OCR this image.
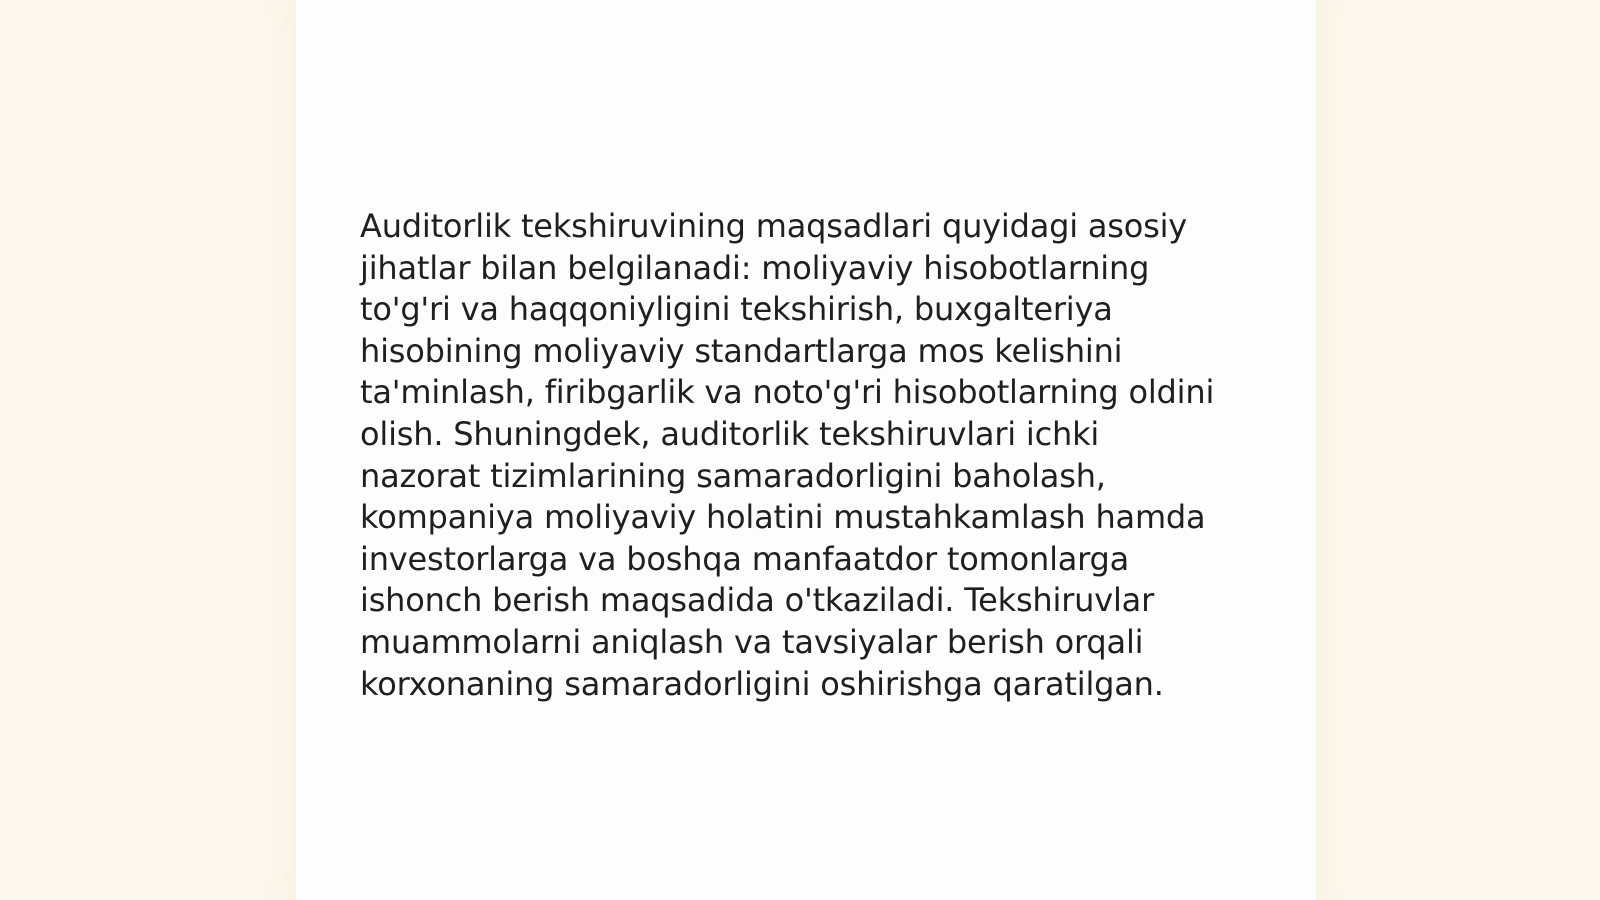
Auditorlik tekshiruvining maqsadlari quyidagi asosiy
jihatlar bilan belgilanadi: moliyaviy hisobotlarning
to'g'ri va haqqoniyligini tekshirish, buxgalteriya
hisobining moliyaviy standartlarga mos kelishini
ta'minlash, firibgarlik va noto'g'ri hisobotlarning oldini
olish. Shuningdek, auditorlik tekshiruvlari ichki
nazorat tizimlarining samaradorligini baholash,
kompaniya moliyaviy holatini mustahkamlash hamda
investorlarga va boshqa manfaatdor tomonlarga
ishonch berish maqsadida o'tkaziladi. Tekshiruvlar
muammolarni aniqlash va tavsiyalar berish orqali
korxonaning samaradorligini oshirishga qaratilgan.
